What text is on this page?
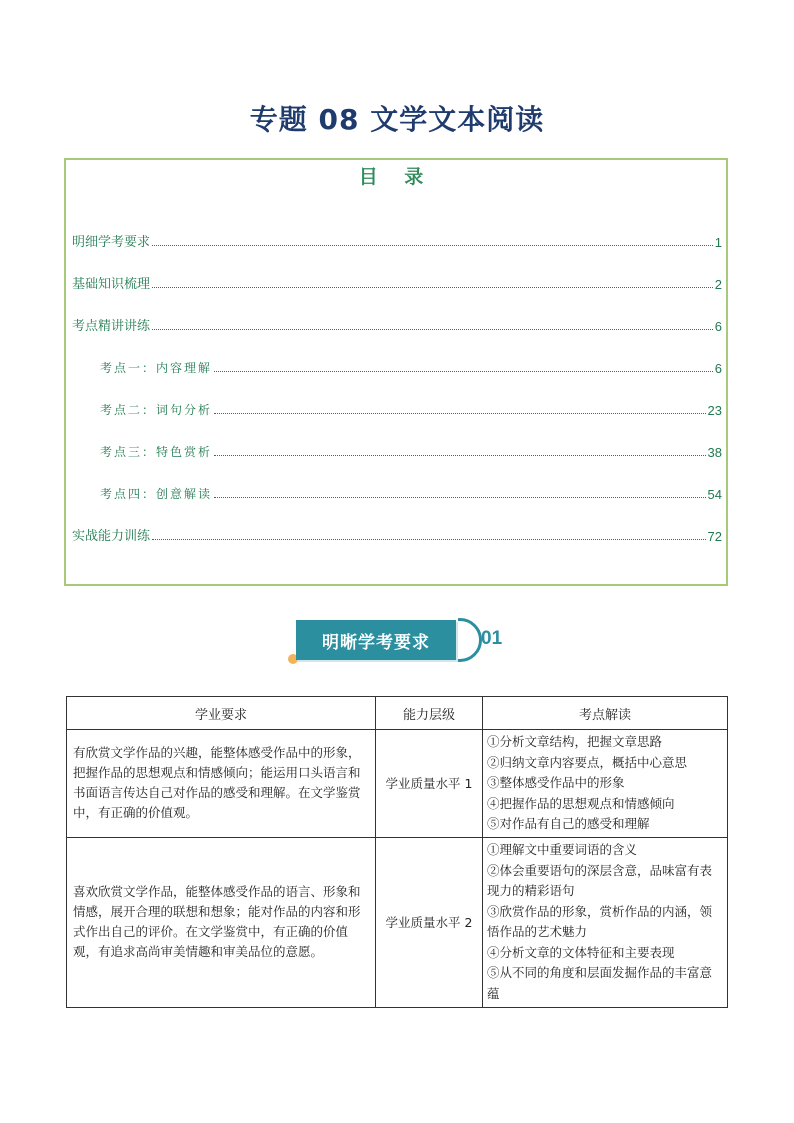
专题 08 文学文本阅读
目 录
明细学考要求	1
基础知识梳理	2
考点精讲讲练	6
考点一：内容理解	6
考点二：词句分析	23
考点三：特色赏析	38
考点四：创意解读	54
实战能力训练	72
明晰学考要求	01
学业要求	能力层级	考点解读
有欣赏文学作品的兴趣，能整体感受作品中的形象，把握作品的思想观点和情感倾向；能运用口头语言和书面语言传达自己对作品的感受和理解。在文学鉴赏中，有正确的价值观。	学业质量水平 1	①分析文章结构，把握文章思路
②归纳文章内容要点，概括中心意思
③整体感受作品中的形象
④把握作品的思想观点和情感倾向
⑤对作品有自己的感受和理解

喜欢欣赏文学作品，能整体感受作品的语言、形象和情感，展开合理的联想和想象；能对作品的内容和形式作出自己的评价。在文学鉴赏中，有正确的价值观，有追求高尚审美情趣和审美品位的意愿。	学业质量水平 2	①理解文中重要词语的含义
②体会重要语句的深层含意，品味富有表现力的精彩语句
③欣赏作品的形象，赏析作品的内涵，领悟作品的艺术魅力
④分析文章的文体特征和主要表现
⑤从不同的角度和层面发掘作品的丰富意蕴
